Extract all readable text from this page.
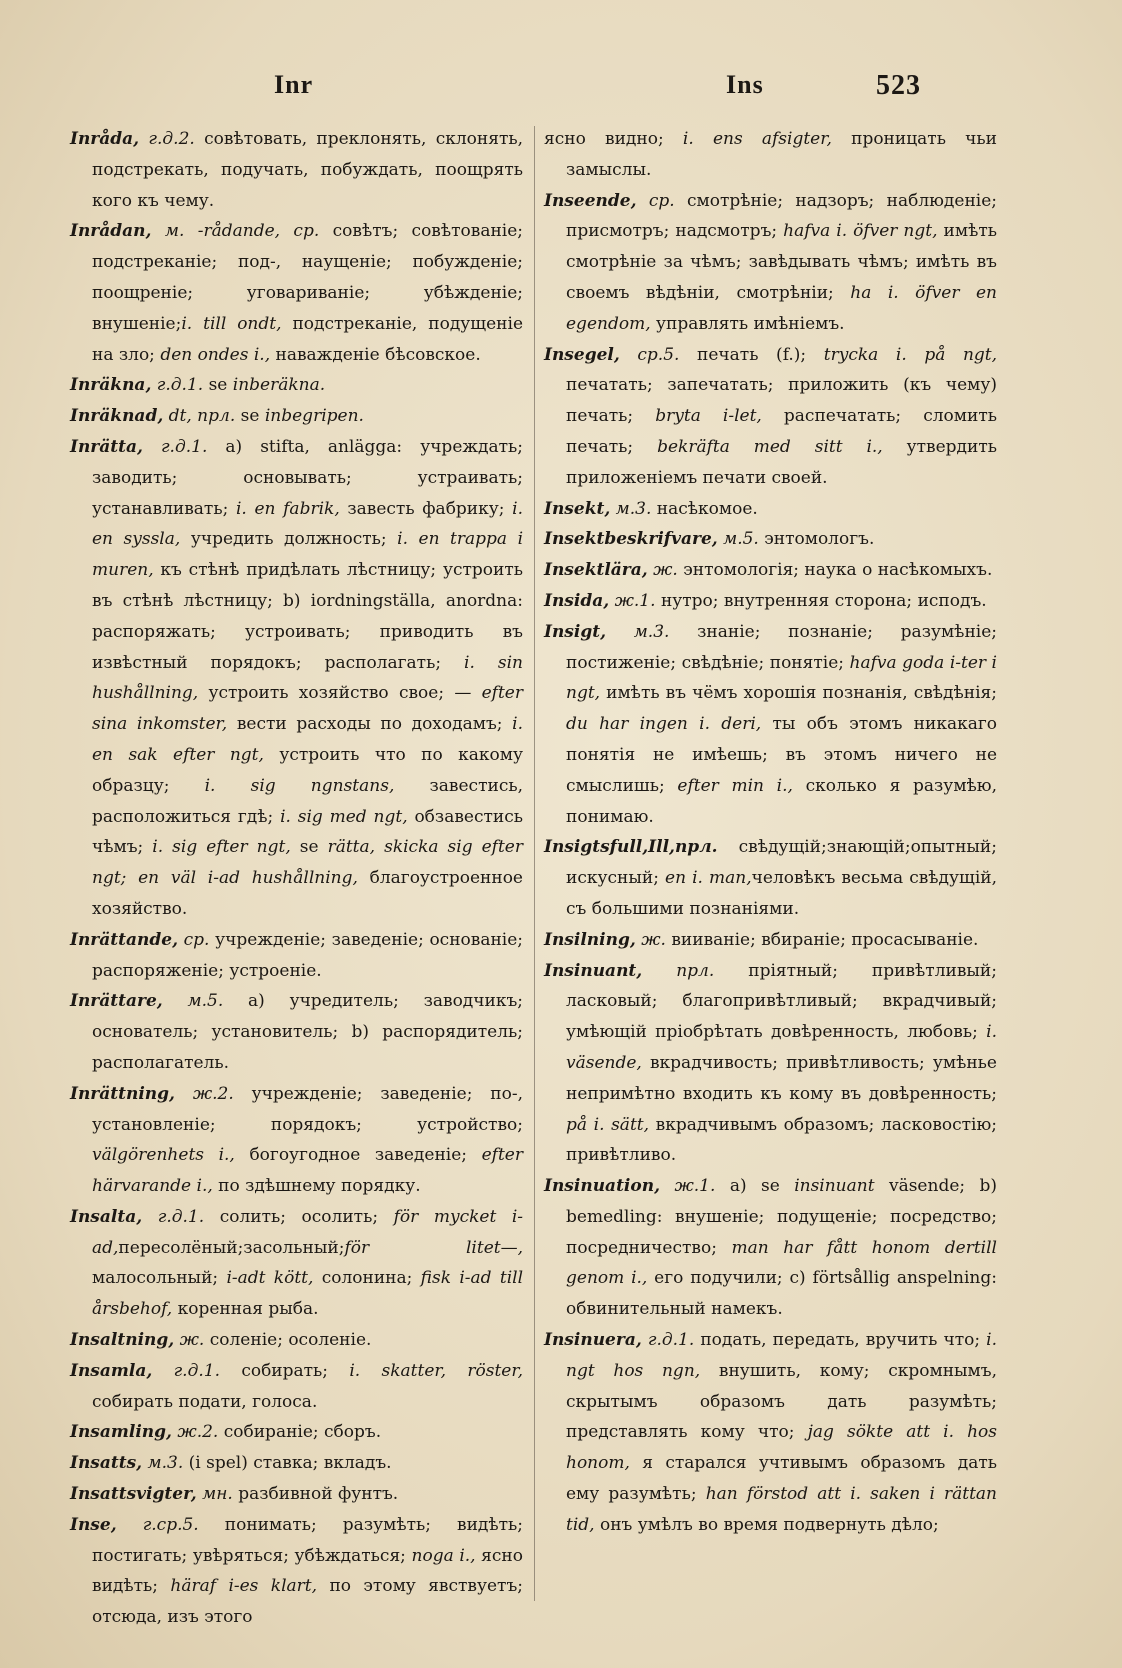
Inr	Ins	523

Inråda, г.д.2. совѣтовать, преклонять, склонять, подстрекать, подучать, побуждать, поощрять кого къ чему.

Inrådan, м. -rådande, ср. совѣтъ; совѣтованіе; подстреканіе; под-, наущеніе; побужденіе; поощреніе; уговариваніе; убѣжденіе; внушеніе;i. till ondt, подстреканіе, подущеніе на зло; den ondes i., наважденіе бѣсовское.

Inräkna, г.д.1. se inberäkna.

Inräknad, dt, прл. se inbegripen.

Inrätta, г.д.1. a) stifta, anlägga: учреждать; заводить; основывать; устраивать; устанавливать; i. en fabrik, завесть фабрику; i. en syssla, учредить должность; i. en trappa i muren, къ стѣнѣ придѣлать лѣстницу; устроить въ стѣнѣ лѣстницу; b) iordningställa, anordna: распоряжать; устроивать; приводить въ извѣстный порядокъ; располагать; i. sin hushållning, устроить хозяйство свое; — efter sina inkomster, вести расходы по доходамъ; i. en sak efter ngt, устроить что по какому образцу; i. sig ngnstans, завестись, расположиться гдѣ; i. sig med ngt, обзавестись чѣмъ; i. sig efter ngt, se rätta, skicka sig efter ngt; en väl i-ad hushållning, благоустроенное хозяйство.

Inrättande, ср. учрежденіе; заведеніе; основаніе; распоряженіе; устроеніе.

Inrättare, м.5. a) учредитель; заводчикъ; основатель; установитель; b) распорядитель; располагатель.

Inrättning, ж.2. учрежденіе; заведеніе; по-, установленіе; порядокъ; устройство; välgörenhets i., богоугодное заведеніе; efter härvarande i., по здѣшнему порядку.

Insalta, г.д.1. солить; осолить; för mycket i-ad,пересолёный;засольный;för litet—, малосольный; i-adt kött, солонина; fisk i-ad till årsbehof, коренная рыба.

Insaltning, ж. соленіе; осоленіе.

Insamla, г.д.1. собирать; i. skatter, röster, собирать подати, голоса.

Insamling, ж.2. собираніе; сборъ.

Insatts, м.3. (i spel) ставка; вкладъ.

Insattsvigter, мн. разбивной фунтъ.

Inse, г.ср.5. понимать; разумѣть; видѣть; постигать; увѣряться; убѣждаться; noga i., ясно видѣть; häraf i-es klart, по этому явствуетъ; отсюда, изъ этого

ясно видно; i. ens afsigter, проницать чьи замыслы.

Inseende, ср. смотрѣніе; надзоръ; наблюденіе; присмотръ; надсмотръ; hafva i. öfver ngt, имѣть смотрѣніе за чѣмъ; завѣдывать чѣмъ; имѣть въ своемъ вѣдѣніи, смотрѣніи; ha i. öfver en egendom, управлять имѣніемъ.

Insegel, ср.5. печать (f.); trycka i. på ngt, печатать; запечатать; приложить (къ чему) печать; bryta i-let, распечатать; сломить печать; bekräfta med sitt i., утвердить приложеніемъ печати своей.

Insekt, м.3. насѣкомое.

Insektbeskrifvare, м.5. энтомологъ.

Insektlära, ж. энтомологія; наука о насѣкомыхъ.

Insida, ж.1. нутро; внутренняя сторона; исподъ.

Insigt, м.3. знаніе; познаніе; разумѣніе; постиженіе; свѣдѣніе; понятіе; hafva goda i-ter i ngt, имѣть въ чёмъ хорошія познанія, свѣдѣнія; du har ingen i. deri, ты объ этомъ никакаго понятія не имѣешь; въ этомъ ничего не смыслишь; efter min i., сколько я разумѣю, понимаю.

Insigtsfull,Ill,прл. свѣдущій;знающій;опытный; искусный; en i. man,человѣкъ весьма свѣдущій, съ большими познаніями.

Insilning, ж. вииваніе; вбираніе; просасываніе.

Insinuant, прл. пріятный; привѣтливый; ласковый; благопривѣтливый; вкрадчивый; умѣющій пріобрѣтать довѣренность, любовь; i. väsende, вкрадчивость; привѣтливость; умѣнье непримѣтно входить къ кому въ довѣренность; på i. sätt, вкрадчивымъ образомъ; ласковостію; привѣтливо.

Insinuation, ж.1. a) se insinuant väsende; b) bemedling: внушеніе; подущеніе; посредство; посредничество; man har fått honom dertill genom i., его подучили; c) förtsållig anspelning: обвинительный намекъ.

Insinuera, г.д.1. подать, передать, вручить что; i. ngt hos ngn, внушить, кому; скромнымъ, скрытымъ образомъ дать разумѣть; представлять кому что; jag sökte att i. hos honom, я старался учтивымъ образомъ дать ему разумѣть; han förstod att i. saken i rättan tid, онъ умѣлъ во время подвернуть дѣло;
